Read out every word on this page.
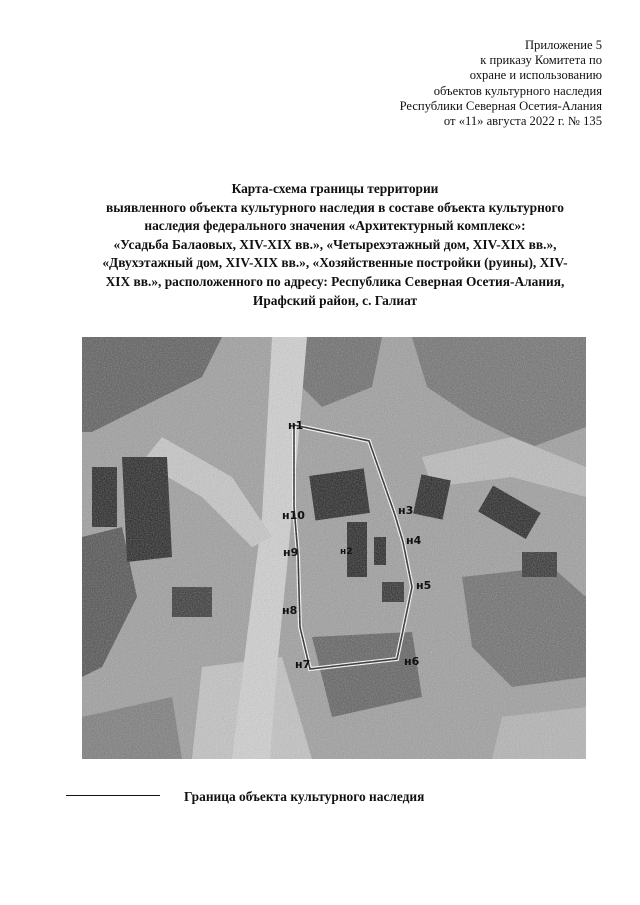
Приложение 5
к приказу Комитета по
охране и использованию
объектов культурного наследия
Республики Северная Осетия-Алания
от «11» августа 2022 г. № 135
Карта-схема границы территории
выявленного объекта культурного наследия в составе объекта культурного
наследия федерального значения «Архитектурный комплекс»:
«Усадьба Балаовых, XIV-XIX вв.», «Четырехэтажный дом, XIV-XIX вв.»,
«Двухэтажный дом, XIV-XIX вв.», «Хозяйственные постройки (руины), XIV-
XIX вв.», расположенного по адресу: Республика Северная Осетия-Алания,
Ирафский район, с. Галиат
н1
н10
н9
н8
н7	н6
н5
н4
н3
н2
Граница объекта культурного наследия
